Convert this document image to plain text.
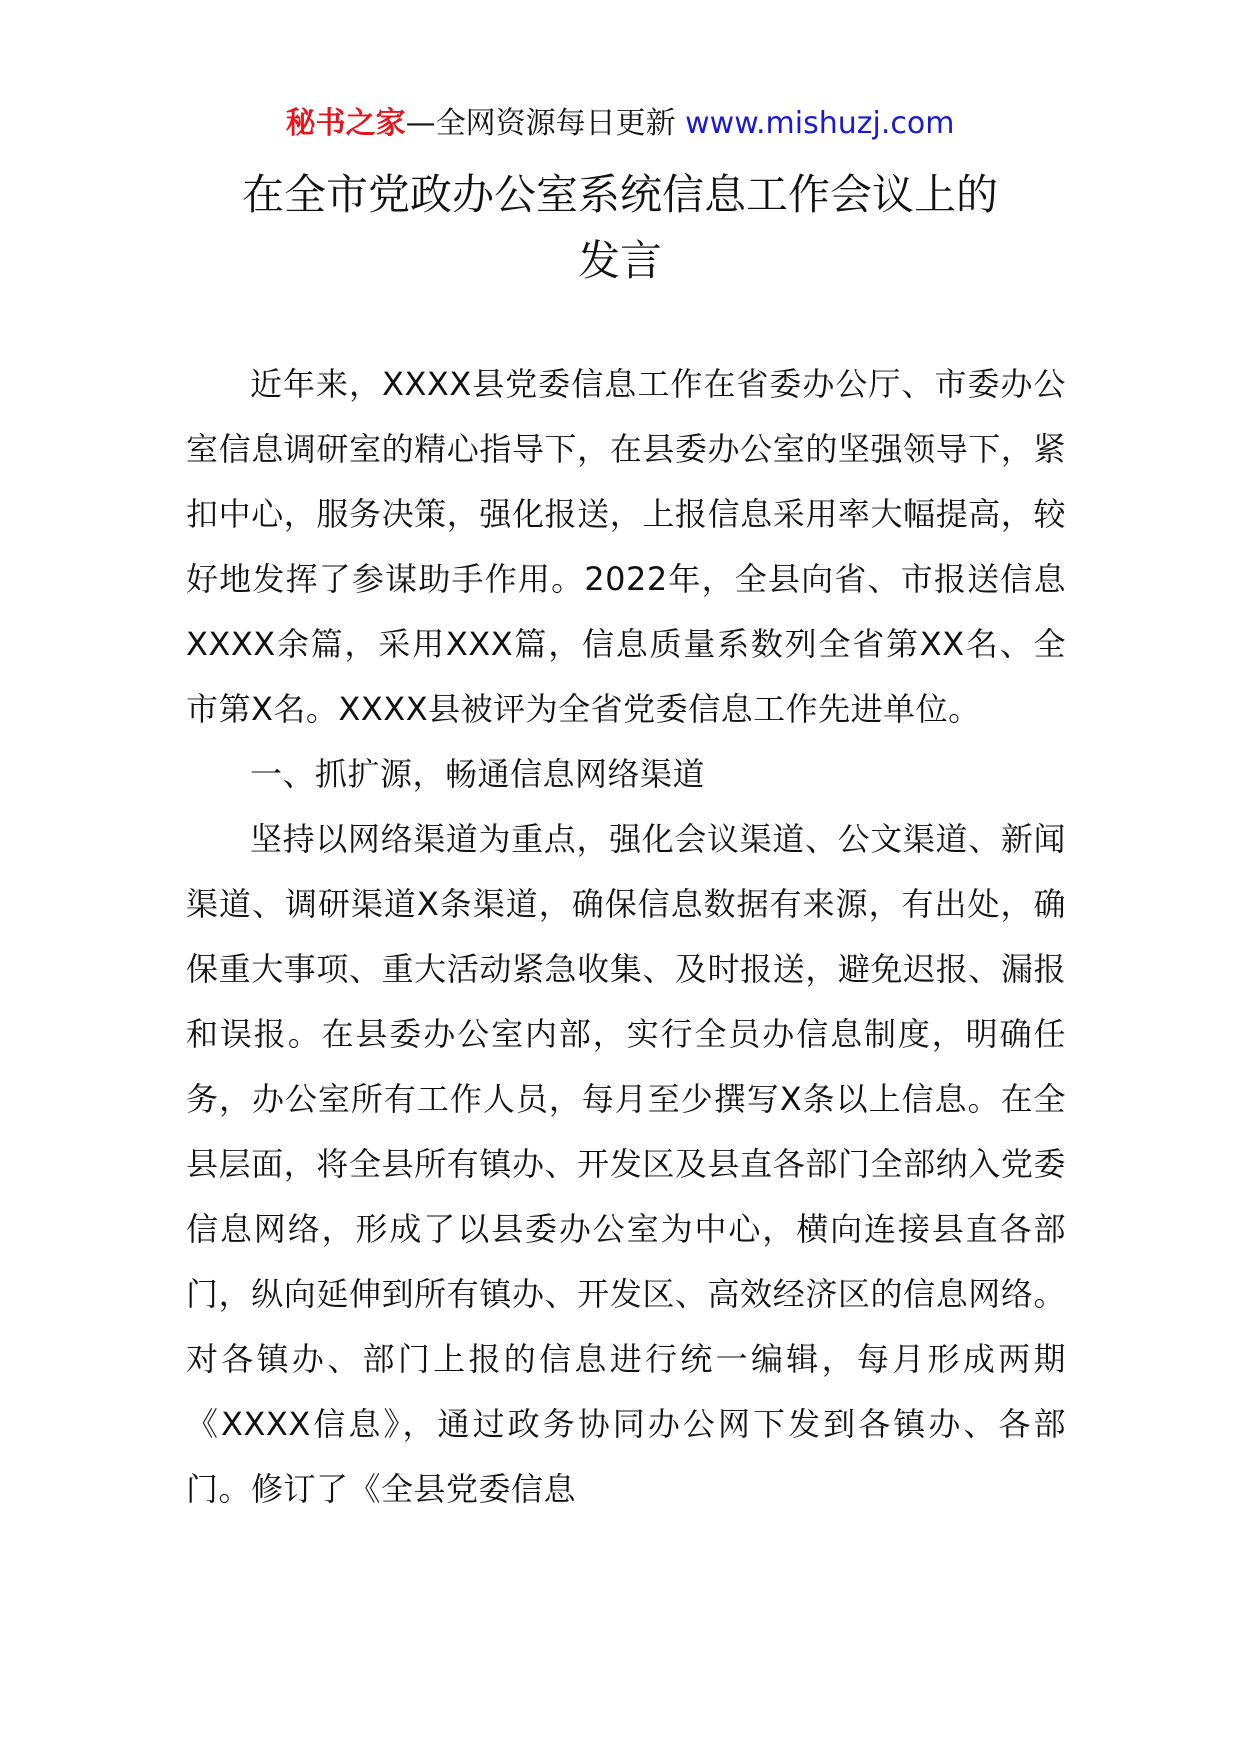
秘书之家—全网资源每日更新 www.mishuzj.com
在全市党政办公室系统信息工作会议上的
发言

近年来，XXXX县党委信息工作在省委办公厅、市委办公室信息调研室的精心指导下，在县委办公室的坚强领导下，紧扣中心，服务决策，强化报送，上报信息采用率大幅提高，较好地发挥了参谋助手作用。2022年，全县向省、市报送信息XXXX余篇，采用XXX篇，信息质量系数列全省第XX名、全市第X名。XXXX县被评为全省党委信息工作先进单位。

一、抓扩源，畅通信息网络渠道

坚持以网络渠道为重点，强化会议渠道、公文渠道、新闻渠道、调研渠道X条渠道，确保信息数据有来源，有出处，确保重大事项、重大活动紧急收集、及时报送，避免迟报、漏报和误报。在县委办公室内部，实行全员办信息制度，明确任务，办公室所有工作人员，每月至少撰写X条以上信息。在全县层面，将全县所有镇办、开发区及县直各部门全部纳入党委信息网络，形成了以县委办公室为中心，横向连接县直各部门，纵向延伸到所有镇办、开发区、高效经济区的信息网络。对各镇办、部门上报的信息进行统一编辑，每月形成两期《XXXX信息》，通过政务协同办公网下发到各镇办、各部门。修订了《全县党委信息
